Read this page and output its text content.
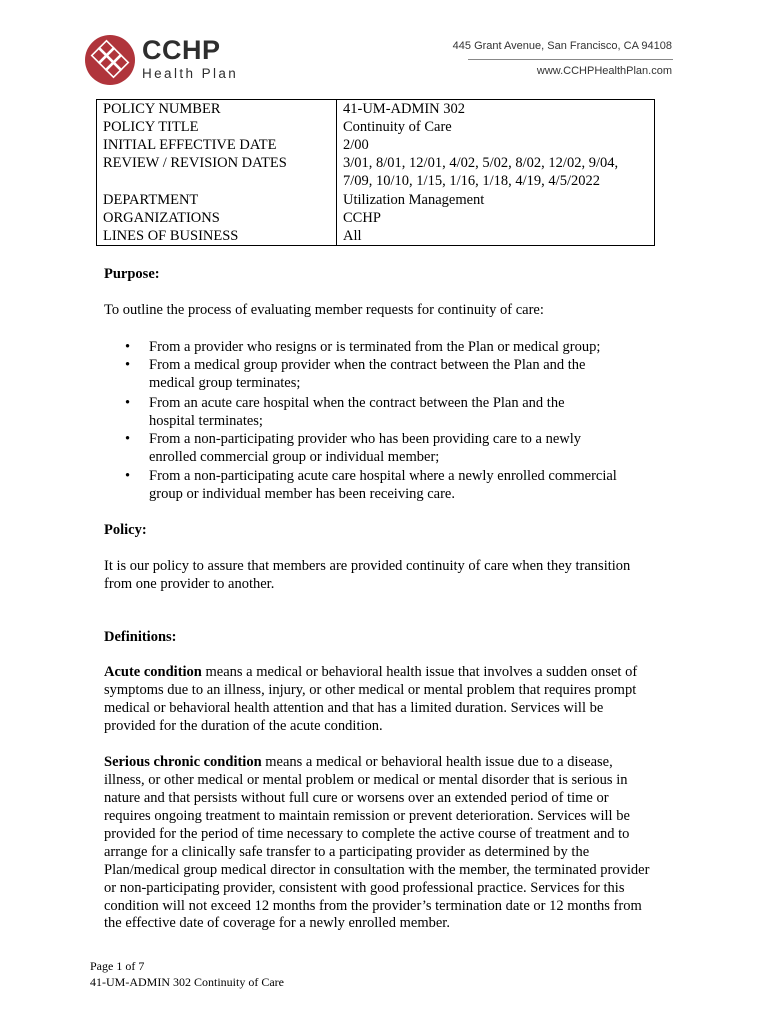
CCHP
Health Plan
445 Grant Avenue, San Francisco, CA 94108
www.CCHPHealthPlan.com
POLICY NUMBER
POLICY TITLE
INITIAL EFFECTIVE DATE
REVIEW / REVISION DATES
DEPARTMENT
ORGANIZATIONS
LINES OF BUSINESS
41-UM-ADMIN 302
Continuity of Care
2/00
3/01, 8/01, 12/01, 4/02, 5/02, 8/02, 12/02, 9/04,
7/09, 10/10, 1/15, 1/16, 1/18, 4/19, 4/5/2022
Utilization Management
CCHP
All
Purpose:
To outline the process of evaluating member requests for continuity of care:
• From a provider who resigns or is terminated from the Plan or medical group;
• From a medical group provider when the contract between the Plan and the
medical group terminates;
• From an acute care hospital when the contract between the Plan and the
hospital terminates;
• From a non-participating provider who has been providing care to a newly
enrolled commercial group or individual member;
• From a non-participating acute care hospital where a newly enrolled commercial
group or individual member has been receiving care.
Policy:
It is our policy to assure that members are provided continuity of care when they transition
from one provider to another.
Definitions:
Acute condition means a medical or behavioral health issue that involves a sudden onset of
symptoms due to an illness, injury, or other medical or mental problem that requires prompt
medical or behavioral health attention and that has a limited duration. Services will be
provided for the duration of the acute condition.
Serious chronic condition means a medical or behavioral health issue due to a disease,
illness, or other medical or mental problem or medical or mental disorder that is serious in
nature and that persists without full cure or worsens over an extended period of time or
requires ongoing treatment to maintain remission or prevent deterioration. Services will be
provided for the period of time necessary to complete the active course of treatment and to
arrange for a clinically safe transfer to a participating provider as determined by the
Plan/medical group medical director in consultation with the member, the terminated provider
or non-participating provider, consistent with good professional practice. Services for this
condition will not exceed 12 months from the provider’s termination date or 12 months from
the effective date of coverage for a newly enrolled member.
Page 1 of 7
41-UM-ADMIN 302 Continuity of Care
